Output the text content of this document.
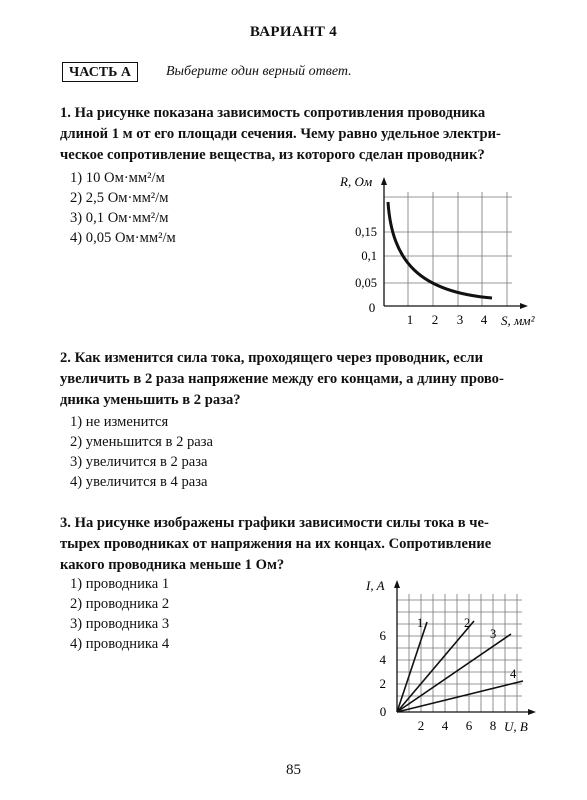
ВАРИАНТ 4
ЧАСТЬ А	Выберите один верный ответ.
1. На рисунке показана зависимость сопротивления проводника
длиной 1 м от его площади сечения. Чему равно удельное электри-
ческое сопротивление вещества, из которого сделан проводник?
1) 10 Ом·мм²/м
2) 2,5 Ом·мм²/м
3) 0,1 Ом·мм²/м
4) 0,05 Ом·мм²/м
R, Ом
S, мм²
0
0,15
0,1
0,05
1 2 3 4
2. Как изменится сила тока, проходящего через проводник, если
увеличить в 2 раза напряжение между его концами, а длину прово-
дника уменьшить в 2 раза?
1) не изменится
2) уменьшится в 2 раза
3) увеличится в 2 раза
4) увеличится в 4 раза
3. На рисунке изображены графики зависимости силы тока в че-
тырех проводниках от напряжения на их концах. Сопротивление
какого проводника меньше 1 Ом?
1) проводника 1
2) проводника 2
3) проводника 3
4) проводника 4
1	2
3
4
I, A
U, В
0
6
4
2
2 4 6 8
85
